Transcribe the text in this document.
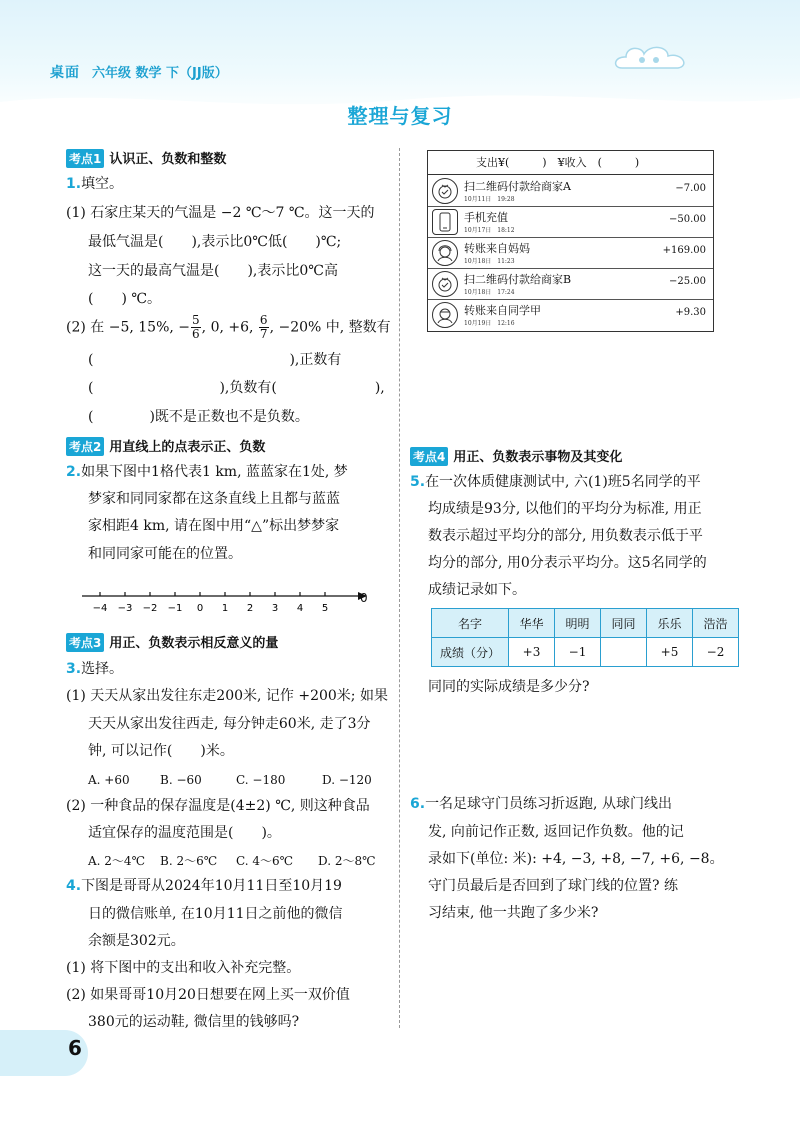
桌面 六年级 数学 下（JJ版）
整理与复习
考点1 认识正、负数和整数
1.填空。
(1) 石家庄某天的气温是 −2 ℃～7 ℃。这一天的
最低气温是(　　),表示比0℃低(　　)℃;
这一天的最高气温是(　　),表示比0℃高
(　　) ℃。
(2) 在 −5, 15%, − $\frac{5}{6}$ , 0, +6, $\frac{6}{7}$ , −20% 中, 整数有
(　　　　　　　　　　　　　　),正数有
(　　　　　　　　　),负数有(　　　　　　　),
(　　　　)既不是正数也不是负数。
考点2 用直线上的点表示正、负数
2.如果下图中1格代表1 km, 蓝蓝家在1处, 梦
梦家和同同家都在这条直线上且都与蓝蓝
家相距4 km, 请在图中用“△”标出梦梦家
和同同家可能在的位置。
−4 −3 −2 −1 0 1 2 3 4 5
0
考点3 用正、负数表示相反意义的量
3.选择。
(1) 天天从家出发往东走200米, 记作 +200米; 如果
天天从家出发往西走, 每分钟走60米, 走了3分
钟, 可以记作(　　)米。
A. +60	B. −60	C. −180	D. −120
(2) 一种食品的保存温度是(4±2) ℃, 则这种食品
适宜保存的温度范围是(　　)。
A. 2～4℃ B. 2～6℃ C. 4～6℃ D. 2～8℃
4.下图是哥哥从2024年10月11日至10月19
日的微信账单, 在10月11日之前他的微信
余额是302元。
(1) 将下图中的支出和收入补充完整。
(2) 如果哥哥10月20日想要在网上买一双价值
380元的运动鞋, 微信里的钱够吗?
6
支出¥(　　　)　¥收入　(　　　)
扫二维码付款给商家A
10月11日　19:28
−7.00
手机充值
10月17日　18:12
−50.00
转账来自妈妈
10月18日　11:23
+169.00
扫二维码付款给商家B
10月18日　17:24
−25.00
转账来自同学甲
10月19日　12:16
+9.30
考点4 用正、负数表示事物及其变化
5.在一次体质健康测试中, 六(1)班5名同学的平
均成绩是93分, 以他们的平均分为标准, 用正
数表示超过平均分的部分, 用负数表示低于平
均分的部分, 用0分表示平均分。这5名同学的
成绩记录如下。
名字	华华	明明	同同	乐乐	浩浩
成绩（分）	+3	−1		+5	−2
同同的实际成绩是多少分?
6.一名足球守门员练习折返跑, 从球门线出
发, 向前记作正数, 返回记作负数。他的记
录如下(单位: 米): +4, −3, +8, −7, +6, −8。
守门员最后是否回到了球门线的位置? 练
习结束, 他一共跑了多少米?
